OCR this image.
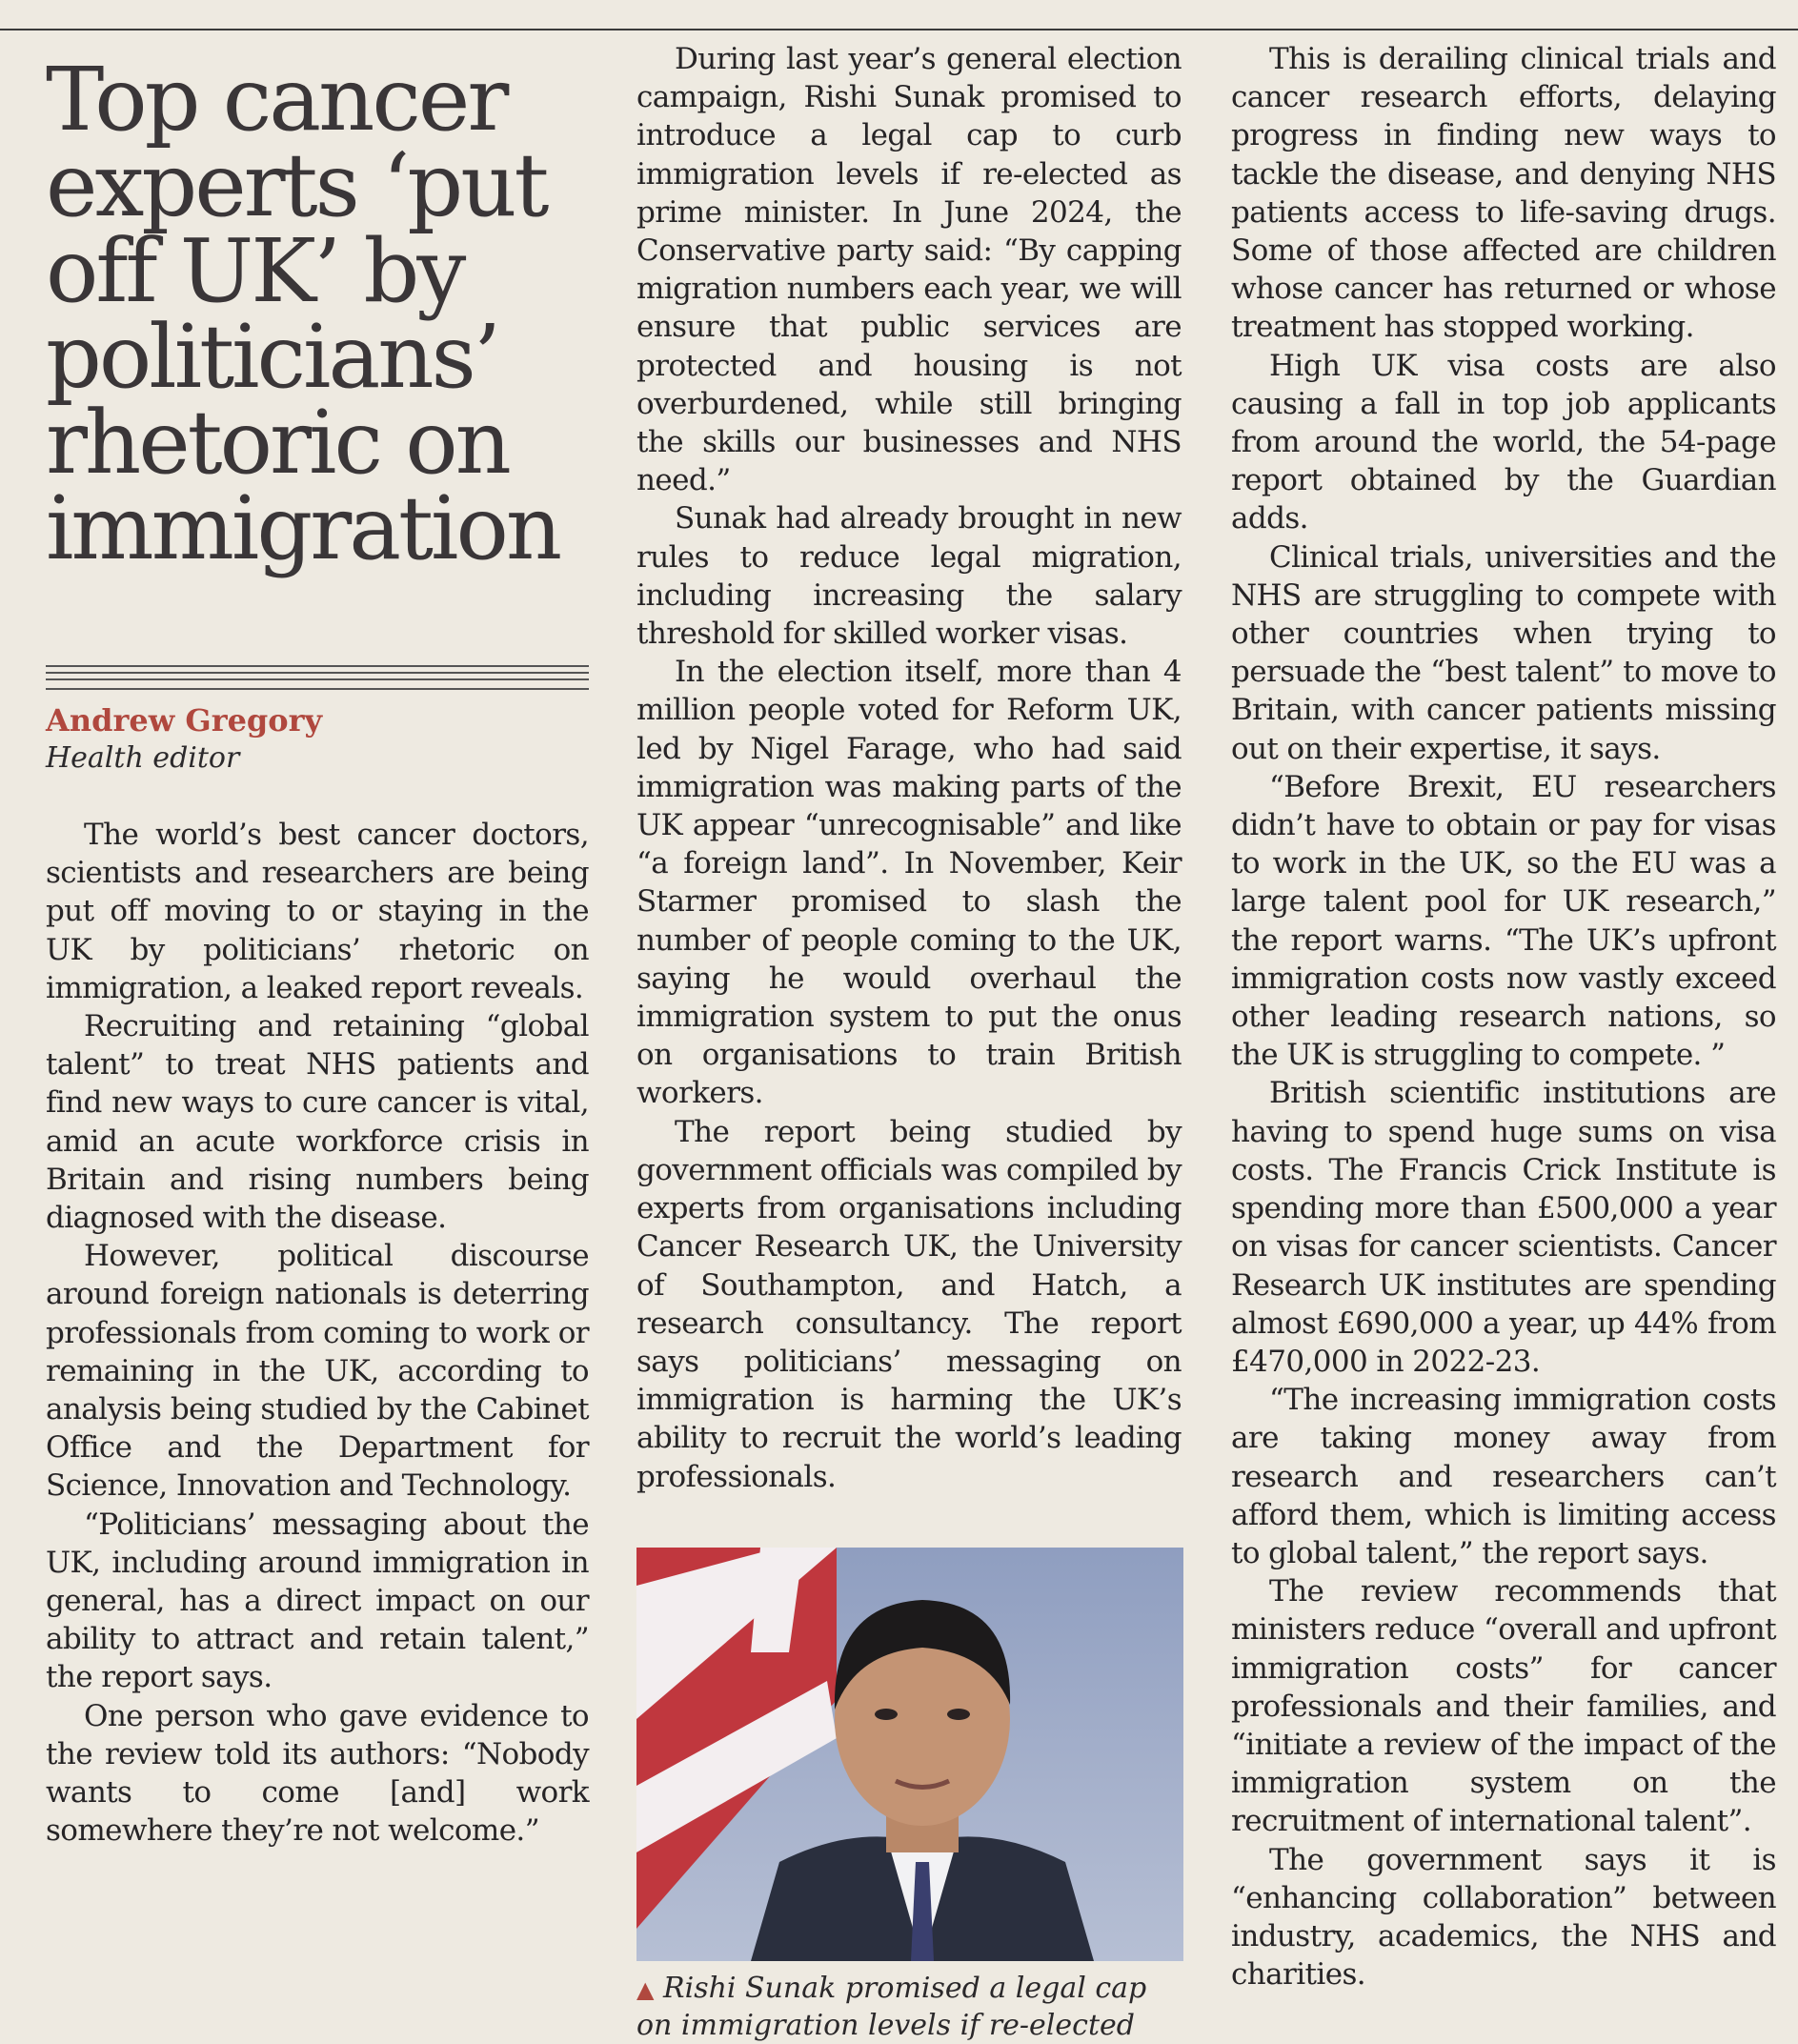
Top cancer experts ‘put off UK’ by politicians’ rhetoric on immigration
Andrew Gregory
Health editor

The world’s best cancer doctors, scientists and researchers are being put off moving to or staying in the UK by politicians’ rhetoric on immigration, a leaked report reveals.

Recruiting and retaining “global talent” to treat NHS patients and find new ways to cure cancer is vital, amid an acute workforce crisis in Britain and rising numbers being diagnosed with the disease.

However, political discourse around foreign nationals is deterring professionals from coming to work or remaining in the UK, according to analysis being studied by the Cabinet Office and the Department for Science, Innovation and Technology.

“Politicians’ messaging about the UK, including around immigration in general, has a direct impact on our ability to attract and retain talent,” the report says.

One person who gave evidence to the review told its authors: “Nobody wants to come [and] work somewhere they’re not welcome.”

During last year’s general election campaign, Rishi Sunak promised to introduce a legal cap to curb immigration levels if re-elected as prime minister. In June 2024, the Conservative party said: “By capping migration numbers each year, we will ensure that public services are protected and housing is not overburdened, while still bringing the skills our businesses and NHS need.”

Sunak had already brought in new rules to reduce legal migration, including increasing the salary threshold for skilled worker visas.

In the election itself, more than 4 million people voted for Reform UK, led by Nigel Farage, who had said immigration was making parts of the UK appear “unrecognisable” and like “a foreign land”. In November, Keir Starmer promised to slash the number of people coming to the UK, saying he would overhaul the immigration system to put the onus on organisations to train British workers.

The report being studied by government officials was compiled by experts from organisations including Cancer Research UK, the University of Southampton, and Hatch, a research consultancy. The report says politicians’ messaging on immigration is harming the UK’s ability to recruit the world’s leading professionals.

▲ Rishi Sunak promised a legal cap on immigration levels if re-elected

This is derailing clinical trials and cancer research efforts, delaying progress in finding new ways to tackle the disease, and denying NHS patients access to life-saving drugs. Some of those affected are children whose cancer has returned or whose treatment has stopped working.

High UK visa costs are also causing a fall in top job applicants from around the world, the 54-page report obtained by the Guardian adds.

Clinical trials, universities and the NHS are struggling to compete with other countries when trying to persuade the “best talent” to move to Britain, with cancer patients missing out on their expertise, it says.

“Before Brexit, EU researchers didn’t have to obtain or pay for visas to work in the UK, so the EU was a large talent pool for UK research,” the report warns. “The UK’s upfront immigration costs now vastly exceed other leading research nations, so the UK is struggling to compete. ”

British scientific institutions are having to spend huge sums on visa costs. The Francis Crick Institute is spending more than £500,000 a year on visas for cancer scientists. Cancer Research UK institutes are spending almost £690,000 a year, up 44% from £470,000 in 2022-23.

“The increasing immigration costs are taking money away from research and researchers can’t afford them, which is limiting access to global talent,” the report says.

The review recommends that ministers reduce “overall and upfront immigration costs” for cancer professionals and their families, and “initiate a review of the impact of the immigration system on the recruitment of international talent”.

The government says it is “enhancing collaboration” between industry, academics, the NHS and charities.
